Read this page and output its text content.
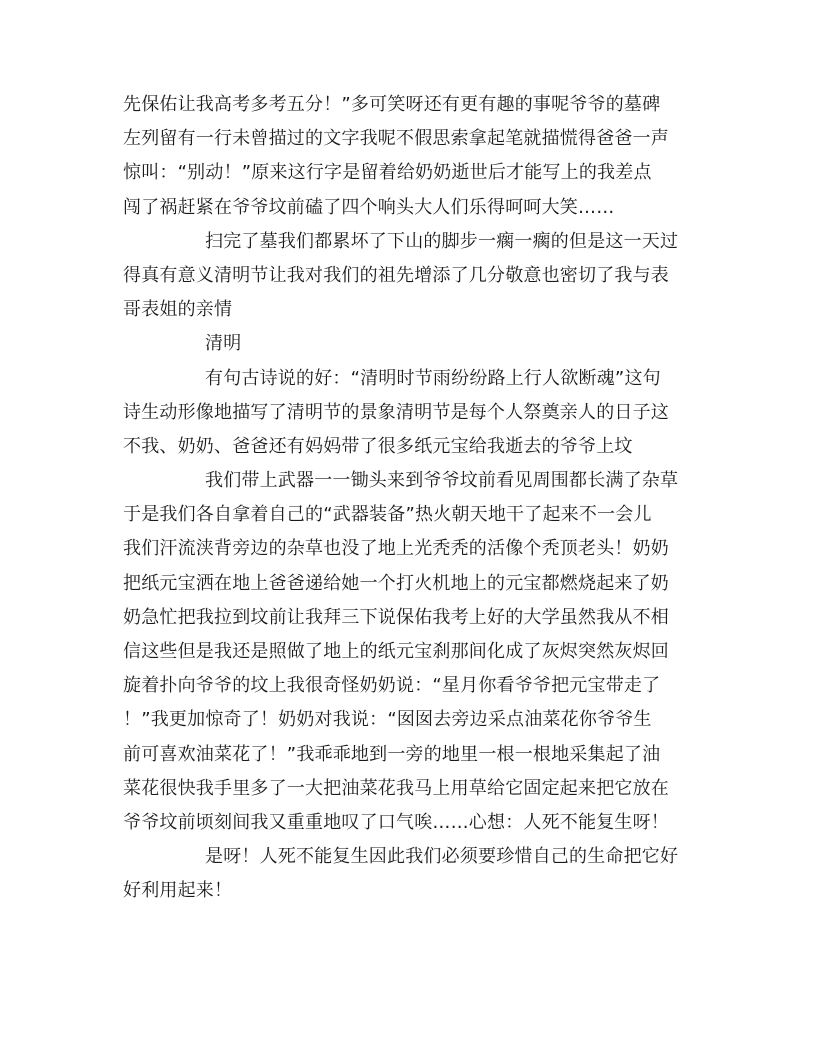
先保佑让我高考多考五分！”多可笑呀还有更有趣的事呢爷爷的墓碑
左列留有一行未曾描过的文字我呢不假思索拿起笔就描慌得爸爸一声
惊叫：“别动！”原来这行字是留着给奶奶逝世后才能写上的我差点
闯了祸赶紧在爷爷坟前磕了四个响头大人们乐得呵呵大笑……
扫完了墓我们都累坏了下山的脚步一瘸一瘸的但是这一天过
得真有意义清明节让我对我们的祖先增添了几分敬意也密切了我与表
哥表姐的亲情
清明
有句古诗说的好：“清明时节雨纷纷路上行人欲断魂”这句
诗生动形像地描写了清明节的景象清明节是每个人祭奠亲人的日子这
不我、奶奶、爸爸还有妈妈带了很多纸元宝给我逝去的爷爷上坟
我们带上武器一一锄头来到爷爷坟前看见周围都长满了杂草
于是我们各自拿着自己的“武器装备”热火朝天地干了起来不一会儿
我们汗流浃背旁边的杂草也没了地上光秃秃的活像个秃顶老头！奶奶
把纸元宝洒在地上爸爸递给她一个打火机地上的元宝都燃烧起来了奶
奶急忙把我拉到坟前让我拜三下说保佑我考上好的大学虽然我从不相
信这些但是我还是照做了地上的纸元宝刹那间化成了灰烬突然灰烬回
旋着扑向爷爷的坟上我很奇怪奶奶说：“星月你看爷爷把元宝带走了
！”我更加惊奇了！奶奶对我说：“囡囡去旁边采点油菜花你爷爷生
前可喜欢油菜花了！”我乖乖地到一旁的地里一根一根地采集起了油
菜花很快我手里多了一大把油菜花我马上用草给它固定起来把它放在
爷爷坟前顷刻间我又重重地叹了口气唉……心想：人死不能复生呀！
是呀！人死不能复生因此我们必须要珍惜自己的生命把它好
好利用起来！
